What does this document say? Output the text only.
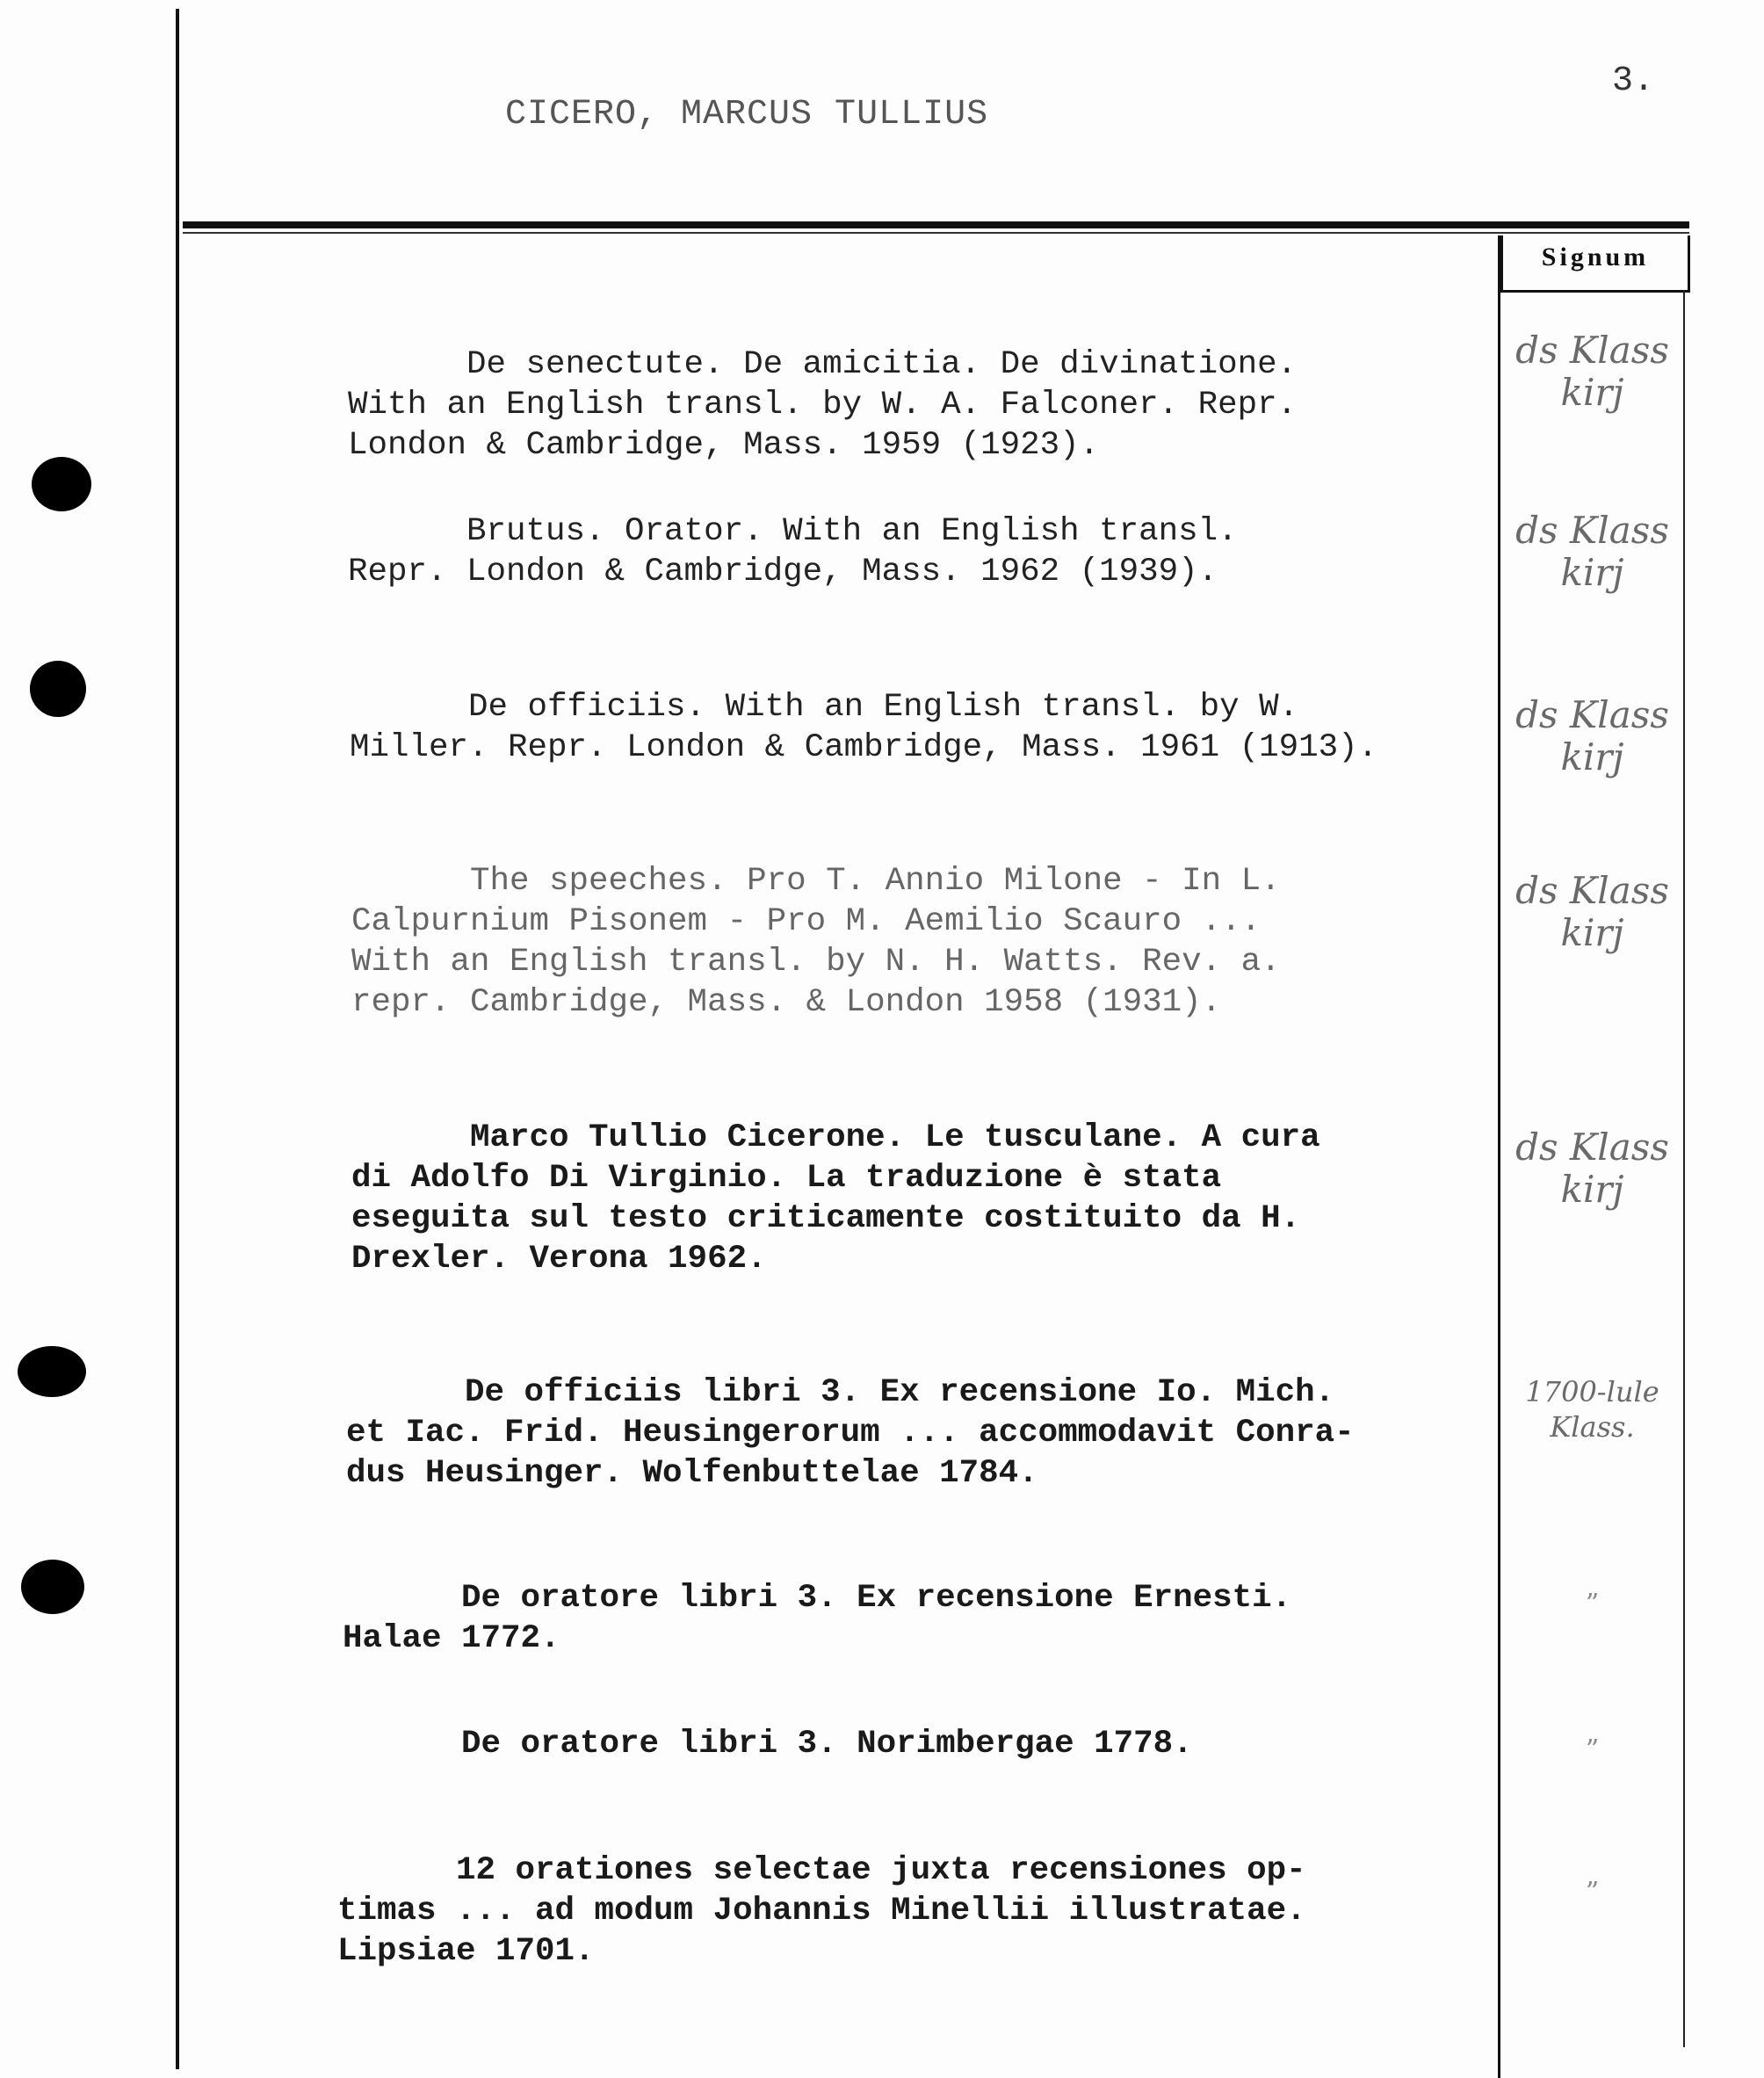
CICERO, MARCUS TULLIUS
3.
Signum
De senectute. De amicitia. De divinatione.
With an English transl. by W. A. Falconer. Repr.
London & Cambridge, Mass. 1959 (1923).
ds Klass
kirj
Brutus. Orator. With an English transl.
Repr. London & Cambridge, Mass. 1962 (1939).
ds Klass
kirj
De officiis. With an English transl. by W.
Miller. Repr. London & Cambridge, Mass. 1961 (1913).
ds Klass
kirj
The speeches. Pro T. Annio Milone - In L.
Calpurnium Pisonem - Pro M. Aemilio Scauro ...
With an English transl. by N. H. Watts. Rev. a.
repr. Cambridge, Mass. & London 1958 (1931).
ds Klass
kirj
Marco Tullio Cicerone. Le tusculane. A cura
di Adolfo Di Virginio. La traduzione è stata
eseguita sul testo criticamente costituito da H.
Drexler. Verona 1962.
ds Klass
kirj
De officiis libri 3. Ex recensione Io. Mich.
et Iac. Frid. Heusingerorum ... accommodavit Conra-
dus Heusinger. Wolfenbuttelae 1784.
1700-lule
Klass.
De oratore libri 3. Ex recensione Ernesti.
Halae 1772.
”
De oratore libri 3. Norimbergae 1778.	”
12 orationes selectae juxta recensiones op-
timas ... ad modum Johannis Minellii illustratae.
Lipsiae 1701.
”
